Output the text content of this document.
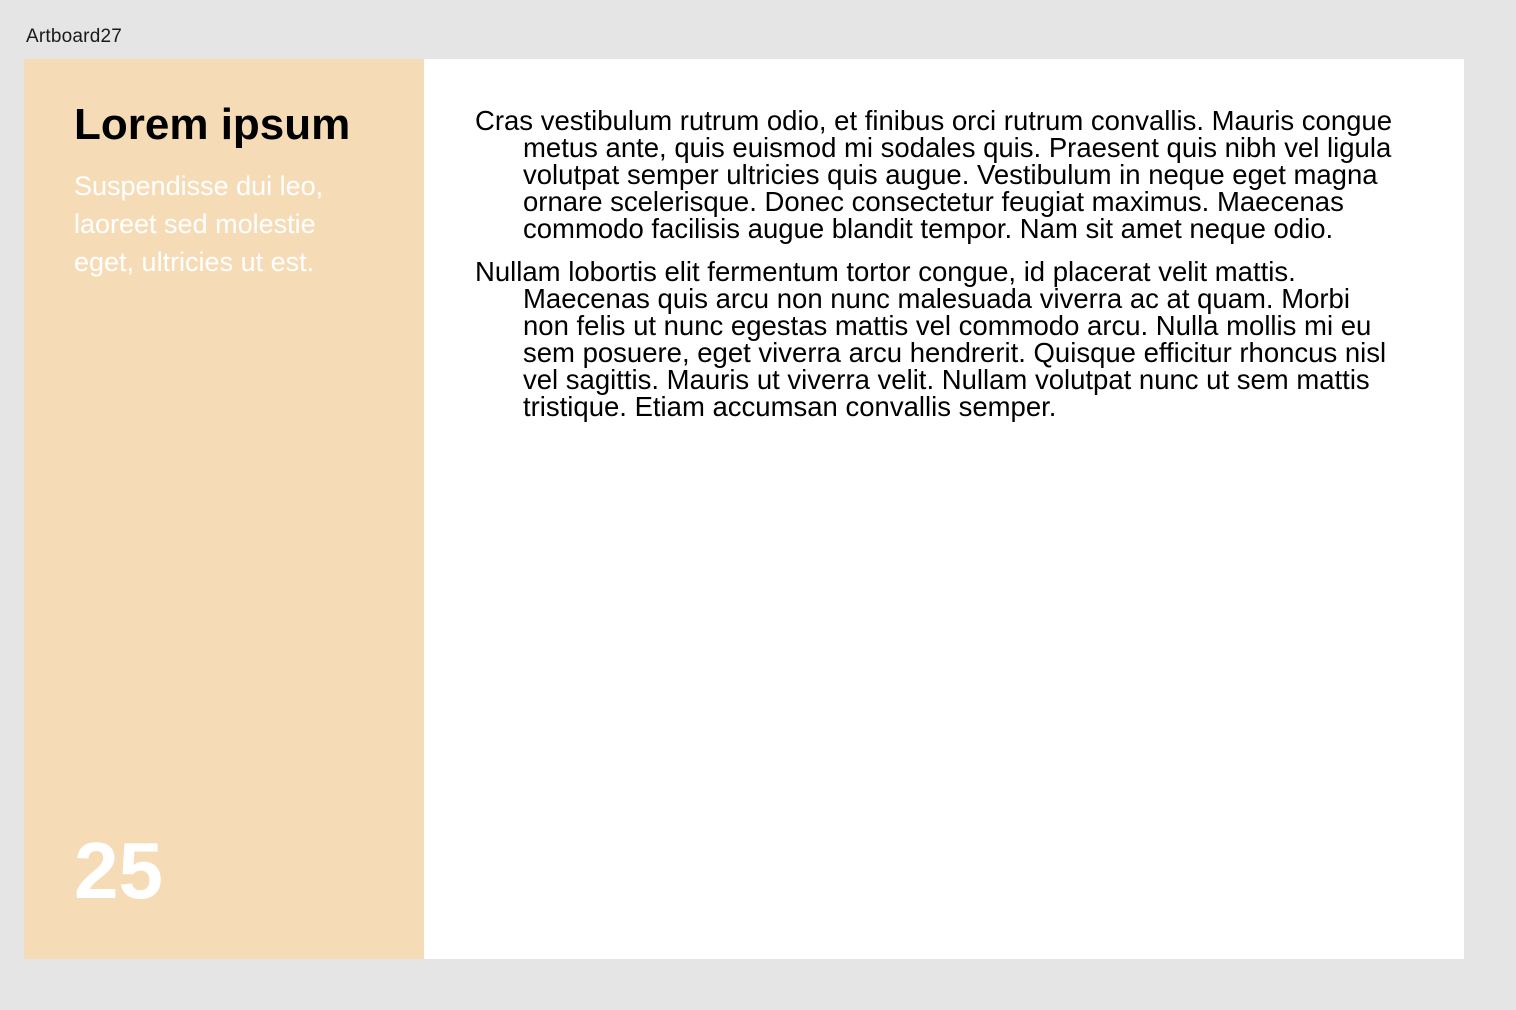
Artboard27
Lorem ipsum

Suspendisse dui leo, laoreet sed molestie eget, ultricies ut est.

25

Cras vestibulum rutrum odio, et finibus orci rutrum convallis. Mauris congue metus ante, quis euismod mi sodales quis. Praesent quis nibh vel ligula volutpat semper ultricies quis augue. Vestibulum in neque eget magna ornare scelerisque. Donec consectetur feugiat maximus. Maecenas commodo facilisis augue blandit tempor. Nam sit amet neque odio.

Nullam lobortis elit fermentum tortor congue, id placerat velit mattis. Maecenas quis arcu non nunc malesuada viverra ac at quam. Morbi non felis ut nunc egestas mattis vel commodo arcu. Nulla mollis mi eu sem posuere, eget viverra arcu hendrerit. Quisque efficitur rhoncus nisl vel sagittis. Mauris ut viverra velit. Nullam volutpat nunc ut sem mattis tristique. Etiam accumsan convallis semper.
